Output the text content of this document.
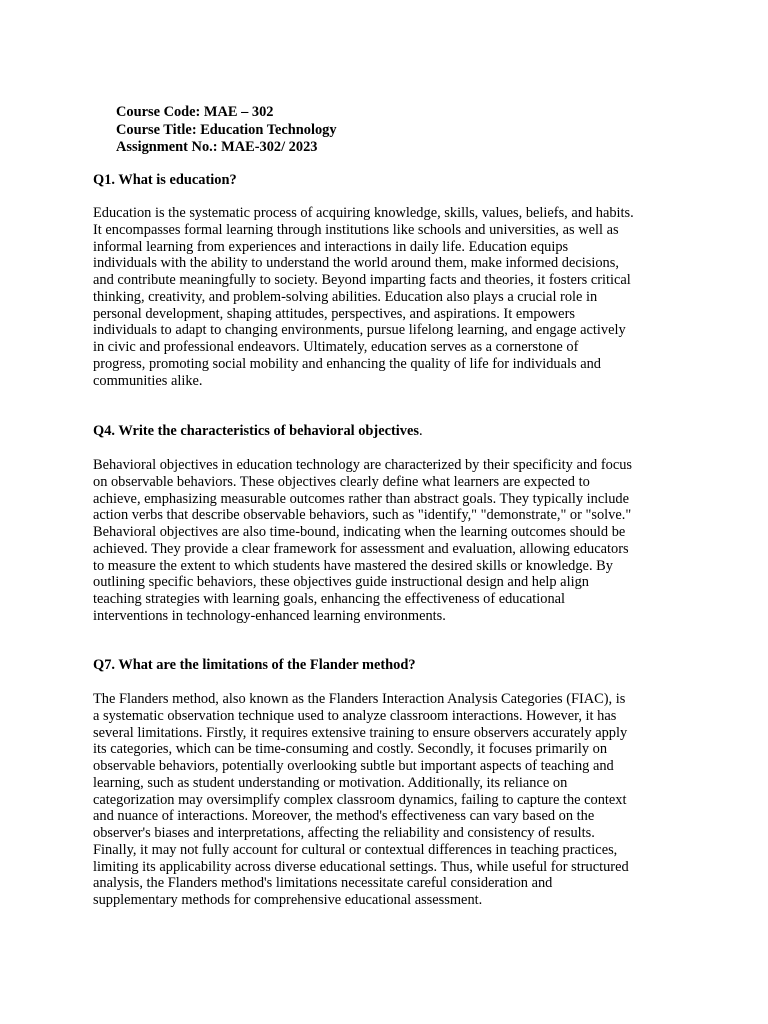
Course Code: MAE – 302
Course Title: Education Technology
Assignment No.: MAE-302/ 2023
Q1. What is education?
Education is the systematic process of acquiring knowledge, skills, values, beliefs, and habits.
It encompasses formal learning through institutions like schools and universities, as well as
informal learning from experiences and interactions in daily life. Education equips
individuals with the ability to understand the world around them, make informed decisions,
and contribute meaningfully to society. Beyond imparting facts and theories, it fosters critical
thinking, creativity, and problem-solving abilities. Education also plays a crucial role in
personal development, shaping attitudes, perspectives, and aspirations. It empowers
individuals to adapt to changing environments, pursue lifelong learning, and engage actively
in civic and professional endeavors. Ultimately, education serves as a cornerstone of
progress, promoting social mobility and enhancing the quality of life for individuals and
communities alike.
Q4. Write the characteristics of behavioral objectives.
Behavioral objectives in education technology are characterized by their specificity and focus
on observable behaviors. These objectives clearly define what learners are expected to
achieve, emphasizing measurable outcomes rather than abstract goals. They typically include
action verbs that describe observable behaviors, such as "identify," "demonstrate," or "solve."
Behavioral objectives are also time-bound, indicating when the learning outcomes should be
achieved. They provide a clear framework for assessment and evaluation, allowing educators
to measure the extent to which students have mastered the desired skills or knowledge. By
outlining specific behaviors, these objectives guide instructional design and help align
teaching strategies with learning goals, enhancing the effectiveness of educational
interventions in technology-enhanced learning environments.
Q7. What are the limitations of the Flander method?
The Flanders method, also known as the Flanders Interaction Analysis Categories (FIAC), is
a systematic observation technique used to analyze classroom interactions. However, it has
several limitations. Firstly, it requires extensive training to ensure observers accurately apply
its categories, which can be time-consuming and costly. Secondly, it focuses primarily on
observable behaviors, potentially overlooking subtle but important aspects of teaching and
learning, such as student understanding or motivation. Additionally, its reliance on
categorization may oversimplify complex classroom dynamics, failing to capture the context
and nuance of interactions. Moreover, the method's effectiveness can vary based on the
observer's biases and interpretations, affecting the reliability and consistency of results.
Finally, it may not fully account for cultural or contextual differences in teaching practices,
limiting its applicability across diverse educational settings. Thus, while useful for structured
analysis, the Flanders method's limitations necessitate careful consideration and
supplementary methods for comprehensive educational assessment.
